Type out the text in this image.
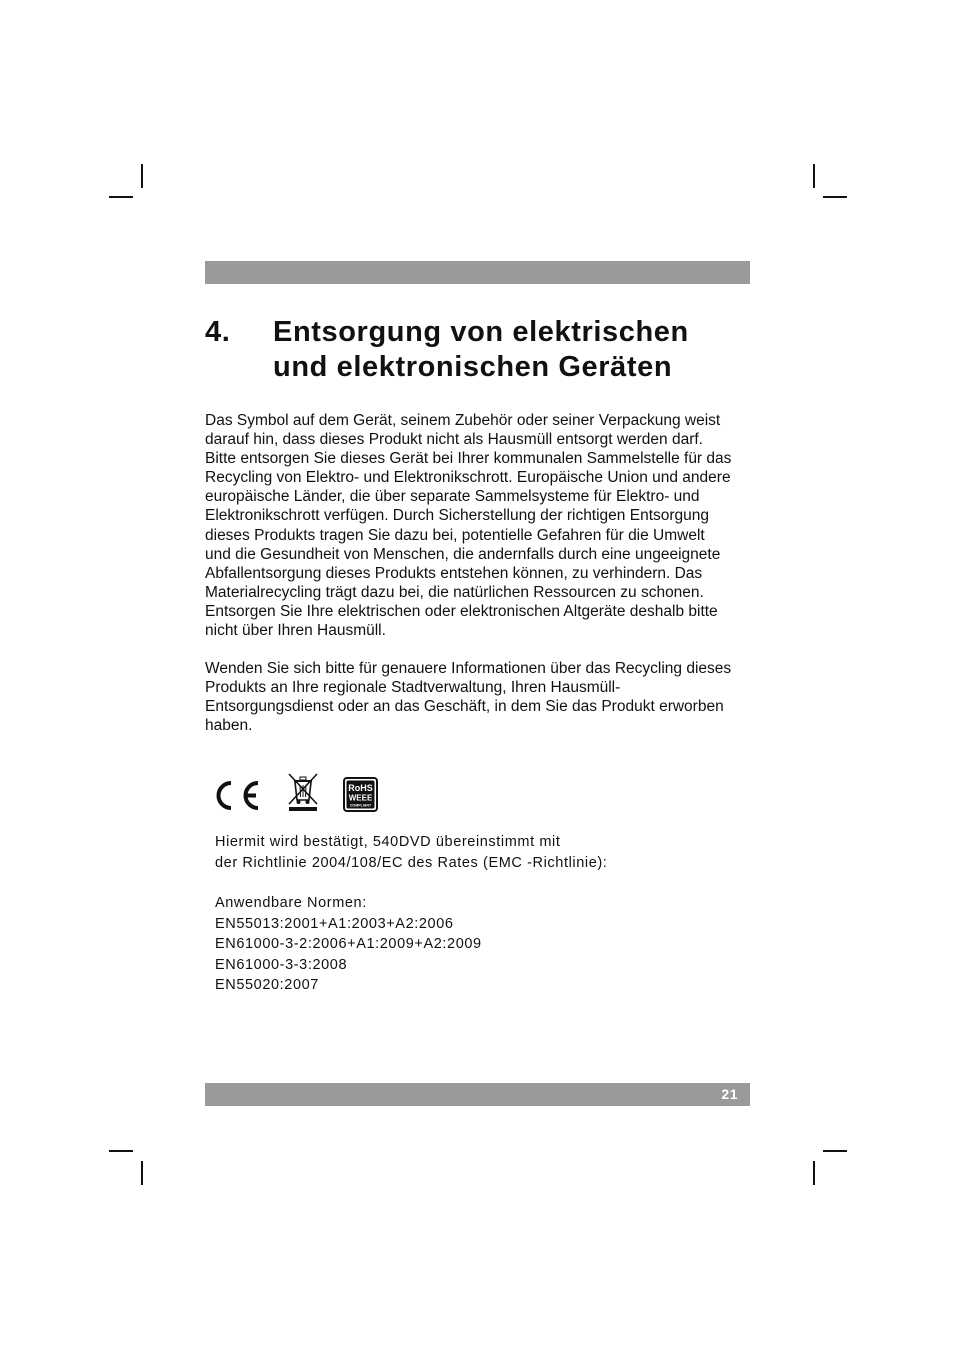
4. Entsorgung von elektrischen
und elektronischen Geräten
Das Symbol auf dem Gerät, seinem Zubehör oder seiner Verpackung weist
darauf hin, dass dieses Produkt nicht als Hausmüll entsorgt werden darf.
Bitte entsorgen Sie dieses Gerät bei Ihrer kommunalen Sammelstelle für das
Recycling von Elektro- und Elektronikschrott. Europäische Union und andere
europäische Länder, die über separate Sammelsysteme für Elektro- und
Elektronikschrott verfügen. Durch Sicherstellung der richtigen Entsorgung
dieses Produkts tragen Sie dazu bei, potentielle Gefahren für die Umwelt
und die Gesundheit von Menschen, die andernfalls durch eine ungeeignete
Abfallentsorgung dieses Produkts entstehen können, zu verhindern. Das
Materialrecycling trägt dazu bei, die natürlichen Ressourcen zu schonen.
Entsorgen Sie Ihre elektrischen oder elektronischen Altgeräte deshalb bitte
nicht über Ihren Hausmüll.
Wenden Sie sich bitte für genauere Informationen über das Recycling dieses
Produkts an Ihre regionale Stadtverwaltung, Ihren Hausmüll-
Entsorgungsdienst oder an das Geschäft, in dem Sie das Produkt erworben
haben.
RoHS
WEEE
COMPLIANT
Hiermit wird bestätigt, 540DVD übereinstimmt mit
der Richtlinie 2004/108/EC des Rates (EMC -Richtlinie):
Anwendbare Normen:
EN55013:2001+A1:2003+A2:2006
EN61000-3-2:2006+A1:2009+A2:2009
EN61000-3-3:2008
EN55020:2007
21
